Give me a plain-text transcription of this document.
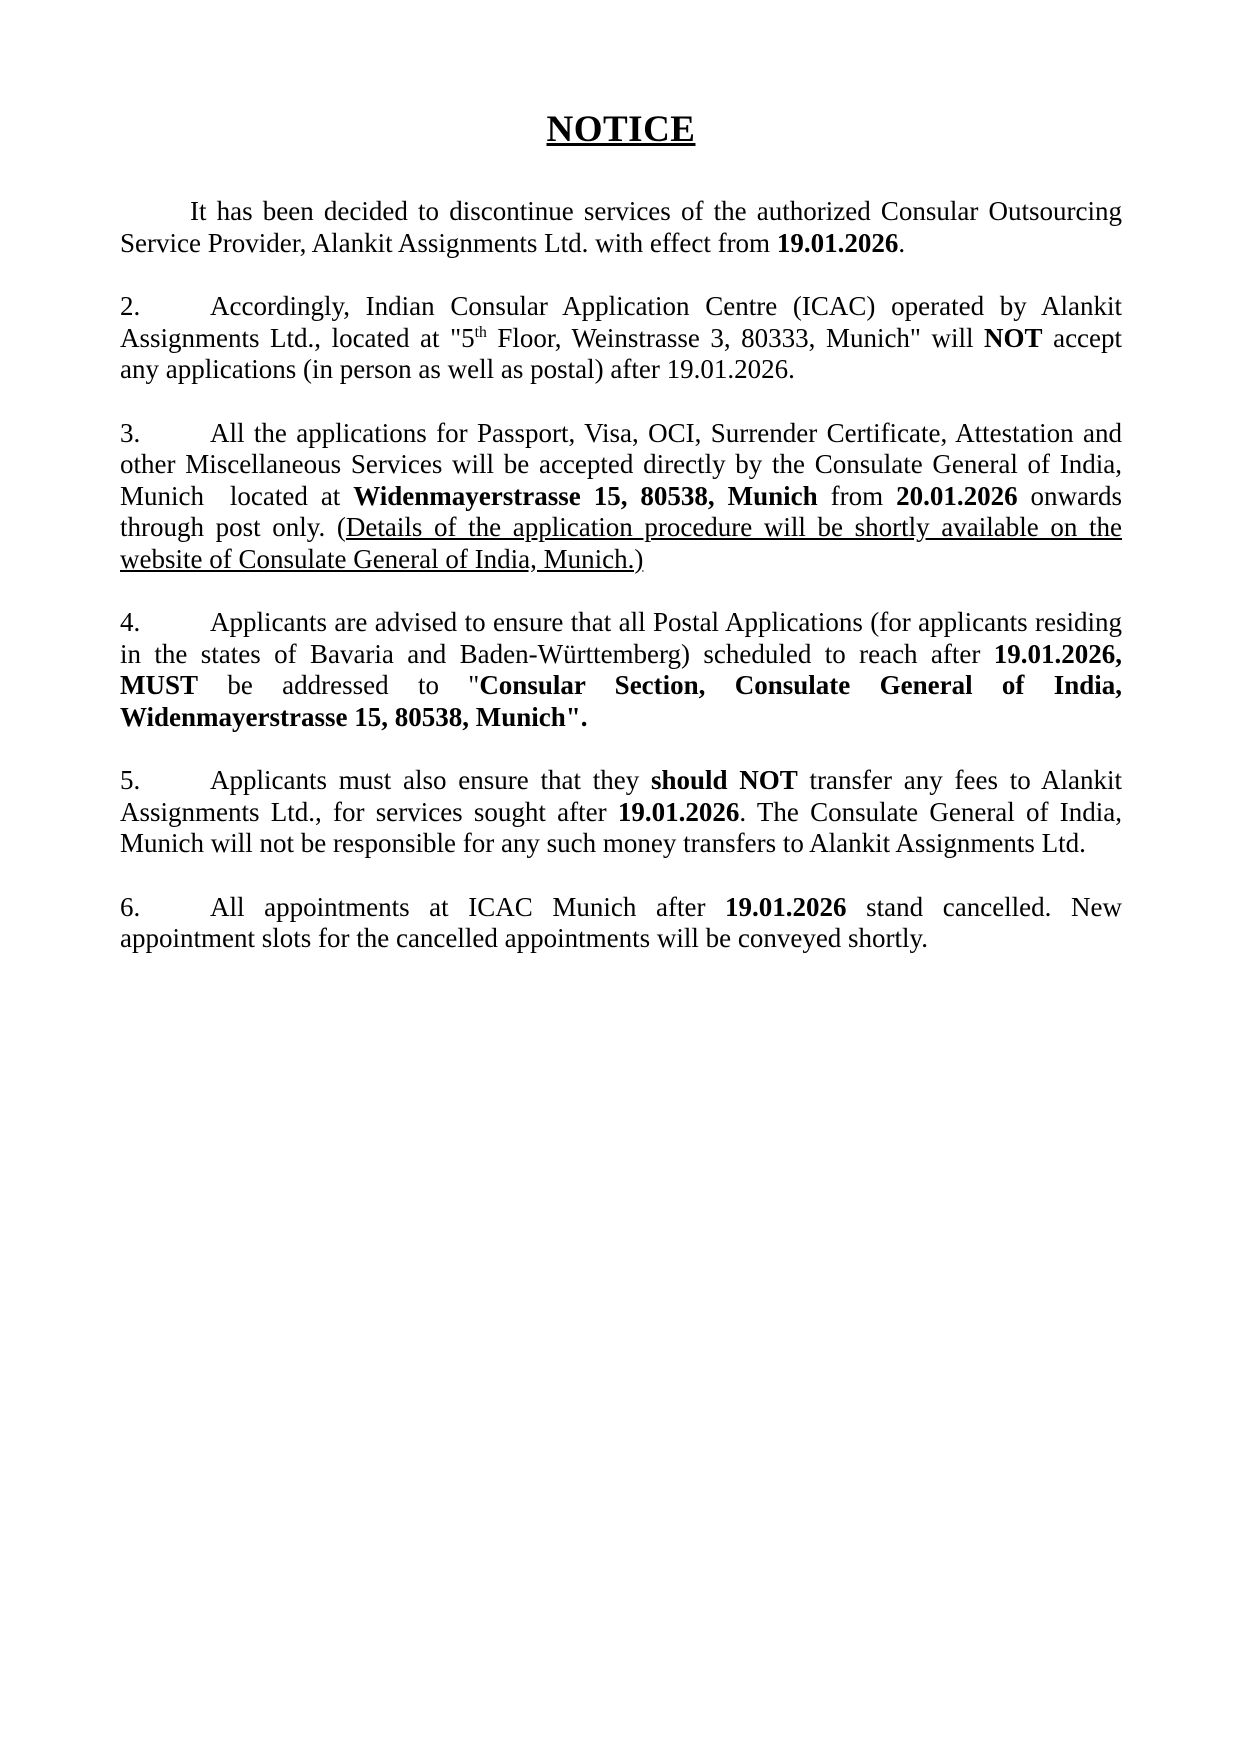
NOTICE

It has been decided to discontinue services of the authorized Consular Outsourcing Service Provider, Alankit Assignments Ltd. with effect from 19.01.2026.

2.	Accordingly, Indian Consular Application Centre (ICAC) operated by Alankit Assignments Ltd., located at "5th Floor, Weinstrasse 3, 80333, Munich" will NOT accept any applications (in person as well as postal) after 19.01.2026.

3.	All the applications for Passport, Visa, OCI, Surrender Certificate, Attestation and other Miscellaneous Services will be accepted directly by the Consulate General of India, Munich  located at Widenmayerstrasse 15, 80538, Munich from 20.01.2026 onwards through post only. (Details of the application procedure will be shortly available on the website of Consulate General of India, Munich.)

4.	Applicants are advised to ensure that all Postal Applications (for applicants residing in the states of Bavaria and Baden-Württemberg) scheduled to reach after 19.01.2026, MUST be addressed to "Consular Section, Consulate General of India, Widenmayerstrasse 15, 80538, Munich".

5.	Applicants must also ensure that they should NOT transfer any fees to Alankit Assignments Ltd., for services sought after 19.01.2026. The Consulate General of India, Munich will not be responsible for any such money transfers to Alankit Assignments Ltd.

6.	All appointments at ICAC Munich after 19.01.2026 stand cancelled. New appointment slots for the cancelled appointments will be conveyed shortly.
